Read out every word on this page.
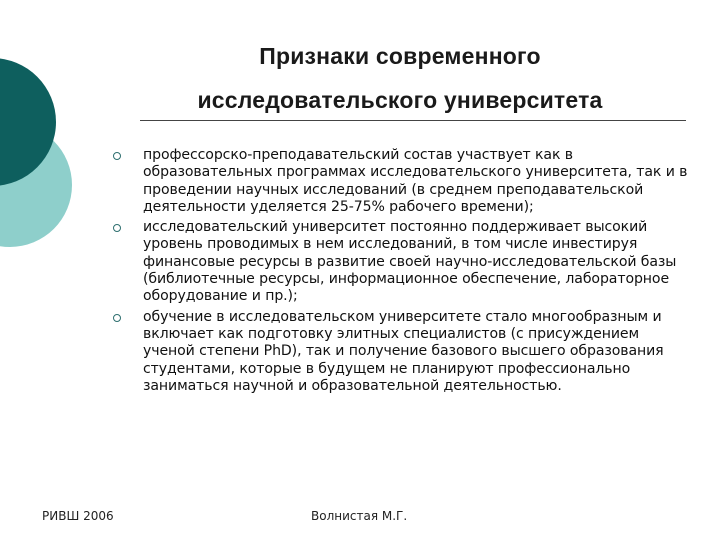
Признаки современного
исследовательского университета
профессорско-преподавательский состав участвует как в образовательных программах исследовательского университета, так и в проведении научных исследований (в среднем преподавательской деятельности уделяется 25-75% рабочего времени);
исследовательский университет постоянно поддерживает высокий уровень проводимых в нем исследований, в том числе инвестируя финансовые ресурсы в развитие своей научно-исследовательской базы (библиотечные ресурсы, информационное обеспечение, лабораторное оборудование и пр.);
обучение в исследовательском университете стало многообразным и включает как подготовку элитных специалистов (с присуждением ученой степени PhD), так и получение базового высшего образования студентами, которые в будущем не планируют профессионально заниматься научной и образовательной деятельностью.
РИВШ 2006	Волнистая М.Г.
